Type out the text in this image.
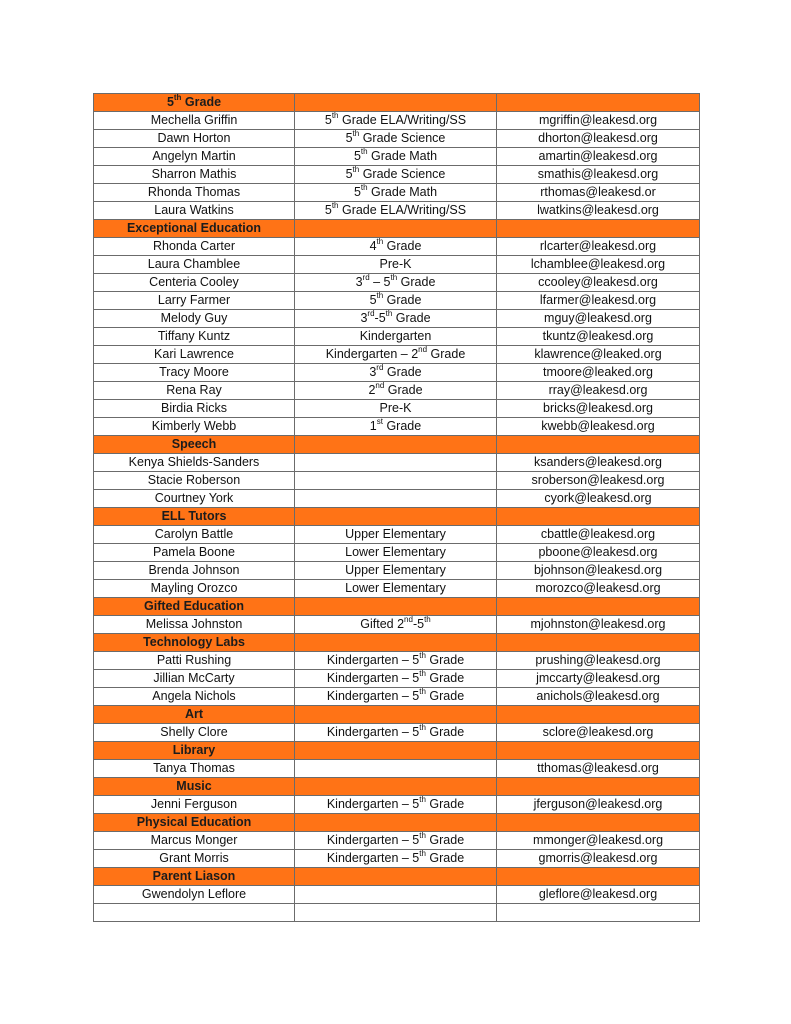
5th Grade		
Mechella Griffin	5th Grade ELA/Writing/SS	mgriffin@leakesd.org
Dawn Horton	5th Grade Science	dhorton@leakesd.org
Angelyn Martin	5th Grade Math	amartin@leakesd.org
Sharron Mathis	5th Grade Science	smathis@leakesd.org
Rhonda Thomas	5th Grade Math	rthomas@leakesd.or
Laura Watkins	5th Grade ELA/Writing/SS	lwatkins@leakesd.org
Exceptional Education		
Rhonda Carter	4th Grade	rlcarter@leakesd.org
Laura Chamblee	Pre-K	lchamblee@leakesd.org
Centeria Cooley	3rd – 5th Grade	ccooley@leakesd.org
Larry Farmer	5th Grade	lfarmer@leakesd.org
Melody Guy	3rd-5th Grade	mguy@leakesd.org
Tiffany Kuntz	Kindergarten	tkuntz@leakesd.org
Kari Lawrence	Kindergarten – 2nd Grade	klawrence@leaked.org
Tracy Moore	3rd Grade	tmoore@leaked.org
Rena Ray	2nd Grade	rray@leakesd.org
Birdia Ricks	Pre-K	bricks@leakesd.org
Kimberly Webb	1st Grade	kwebb@leakesd.org
Speech		
Kenya Shields-Sanders		ksanders@leakesd.org
Stacie Roberson		sroberson@leakesd.org
Courtney York		cyork@leakesd.org
ELL Tutors		
Carolyn Battle	Upper Elementary	cbattle@leakesd.org
Pamela Boone	Lower Elementary	pboone@leakesd.org
Brenda Johnson	Upper Elementary	bjohnson@leakesd.org
Mayling Orozco	Lower Elementary	morozco@leakesd.org
Gifted Education		
Melissa Johnston	Gifted 2nd-5th	mjohnston@leakesd.org
Technology Labs		
Patti Rushing	Kindergarten – 5th Grade	prushing@leakesd.org
Jillian McCarty	Kindergarten – 5th Grade	jmccarty@leakesd.org
Angela Nichols	Kindergarten – 5th Grade	anichols@leakesd.org
Art		
Shelly Clore	Kindergarten – 5th Grade	sclore@leakesd.org
Library		
Tanya Thomas		tthomas@leakesd.org
Music		
Jenni Ferguson	Kindergarten – 5th Grade	jferguson@leakesd.org
Physical Education		
Marcus Monger	Kindergarten – 5th Grade	mmonger@leakesd.org
Grant Morris	Kindergarten – 5th Grade	gmorris@leakesd.org
Parent Liason		
Gwendolyn Leflore		gleflore@leakesd.org
